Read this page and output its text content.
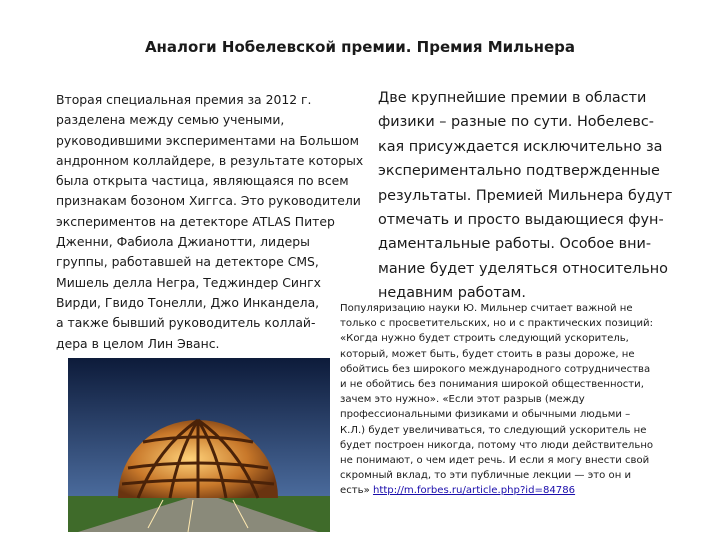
Аналоги Нобелевской премии. Премия Мильнера
Вторая специальная премия за 2012 г.
разделена между семью учеными,
руководившими экспериментами на Большом
андронном коллайдере, в результате которых
была открыта частица, являющаяся по всем
признакам бозоном Хиггса. Это руководители
экспериментов на детекторе ATLAS Питер
Дженни, Фабиола Джианотти, лидеры
группы, работавшей на детекторе CMS,
Мишель делла Негра, Теджиндер Сингх
Вирди, Гвидо Тонелли, Джо Инкандела,
а также бывший руководитель коллай-
дера в целом Лин Эванс.
Две крупнейшие премии в области
физики – разные по сути. Нобелевс-
кая присуждается исключительно за
экспериментально подтвержденные
результаты. Премией Мильнера будут
отмечать и просто выдающиеся фун-
даментальные работы. Особое вни-
мание будет уделяться относительно
недавним работам.
Популяризацию науки Ю. Мильнер считает важной не
только с просветительских, но и с практических позиций:
«Когда нужно будет строить следующий ускоритель,
который, может быть, будет стоить в разы дороже, не
обойтись без широкого международного сотрудничества
и не обойтись без понимания широкой общественности,
зачем это нужно». «Если этот разрыв (между
профессиональными физиками и обычными людьми –
К.Л.) будет увеличиваться, то следующий ускоритель не
будет построен никогда, потому что люди действительно
не понимают, о чем идет речь. И если я могу внести свой
скромный вклад, то эти публичные лекции — это он и
есть» http://m.forbes.ru/article.php?id=84786
